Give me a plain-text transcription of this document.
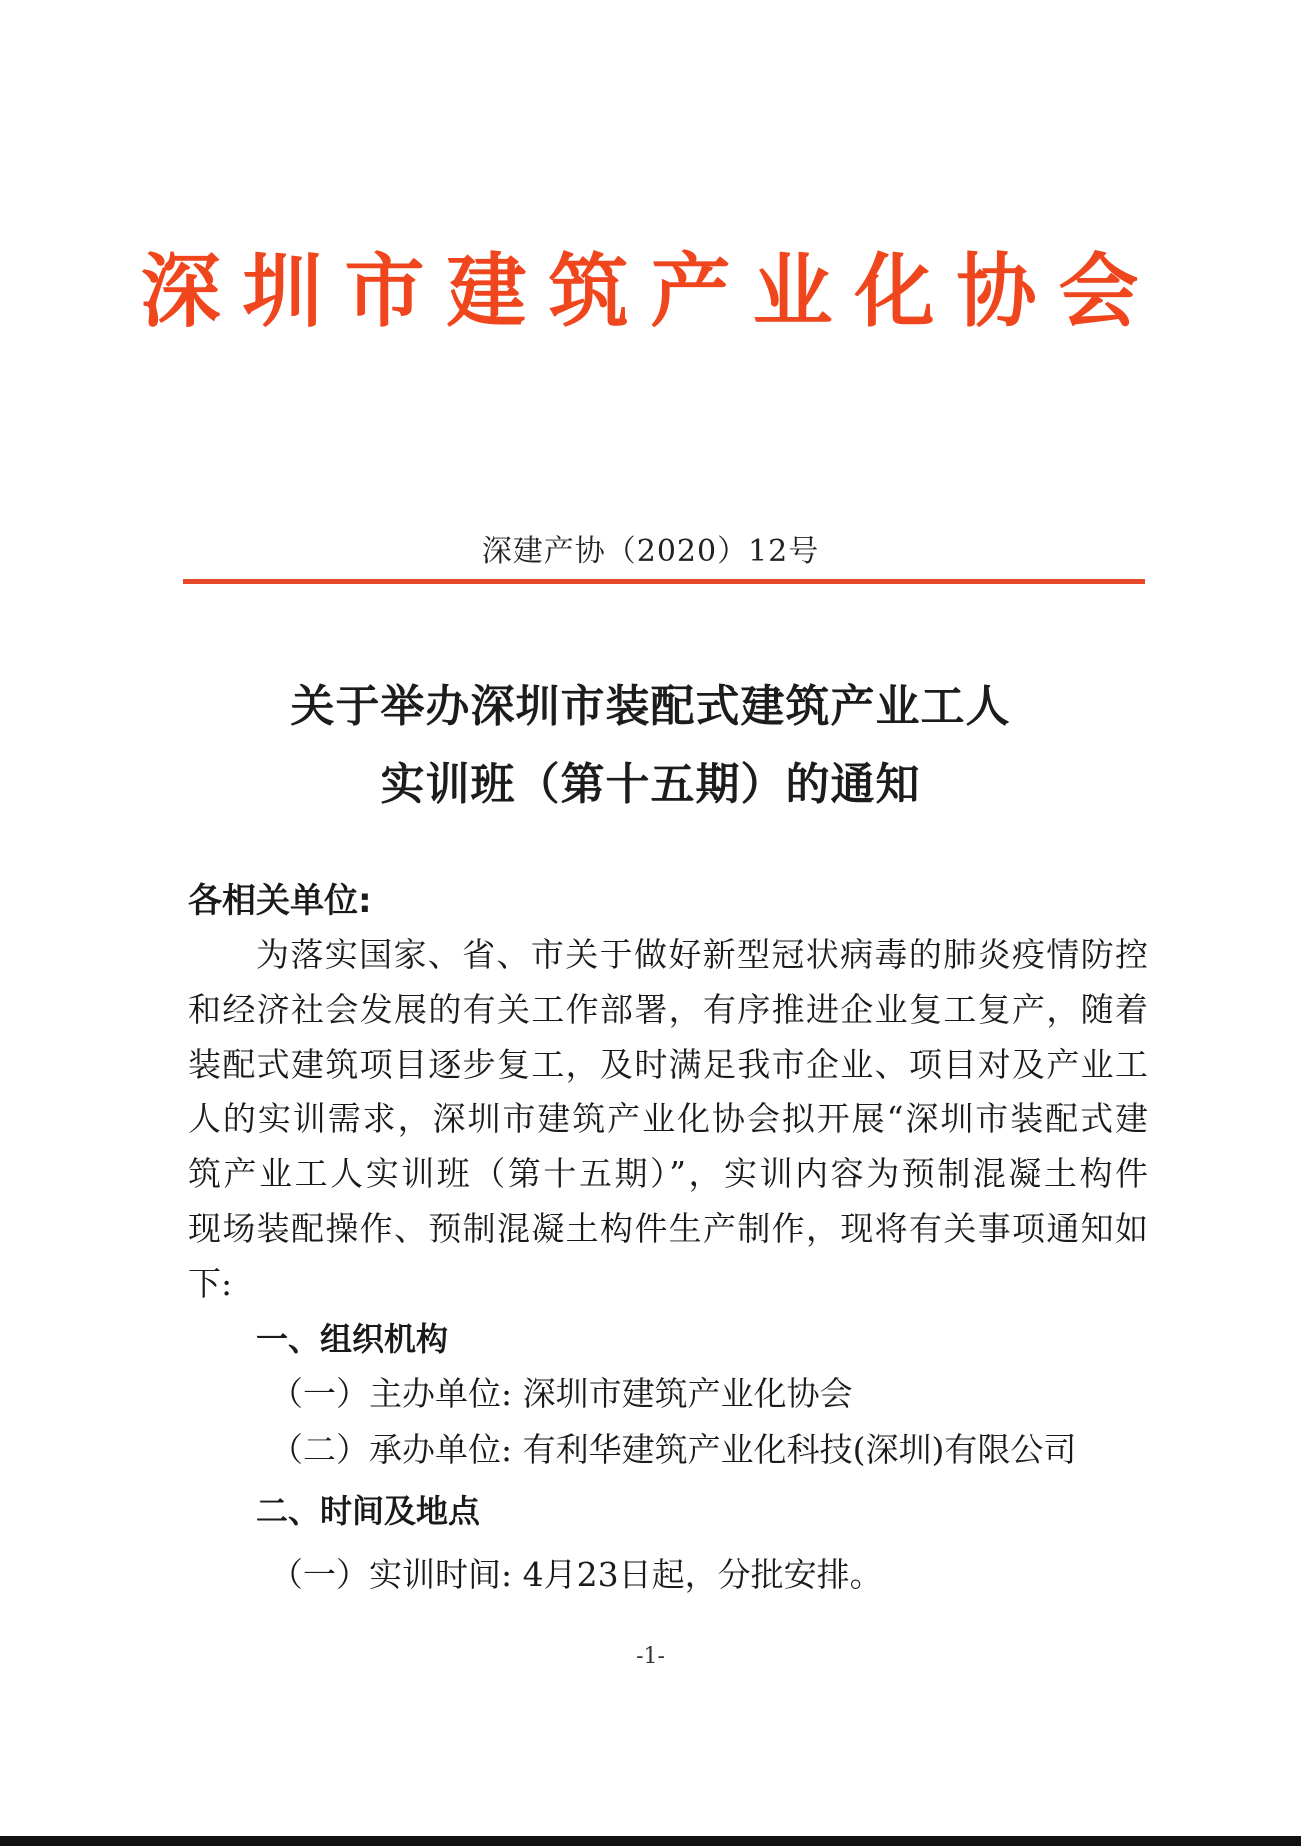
深圳市建筑产业化协会
深建产协（2020）12号
关于举办深圳市装配式建筑产业工人
实训班（第十五期）的通知
各相关单位:
为落实国家、省、市关于做好新型冠状病毒的肺炎疫情防控
和经济社会发展的有关工作部署，有序推进企业复工复产，随着
装配式建筑项目逐步复工，及时满足我市企业、项目对及产业工
人的实训需求，深圳市建筑产业化协会拟开展“深圳市装配式建
筑产业工人实训班（第十五期）”，实训内容为预制混凝土构件
现场装配操作、预制混凝土构件生产制作，现将有关事项通知如
下:
一、组织机构
（一）主办单位: 深圳市建筑产业化协会
（二）承办单位: 有利华建筑产业化科技(深圳)有限公司
二、时间及地点
（一）实训时间: 4月23日起，分批安排。
-1-
